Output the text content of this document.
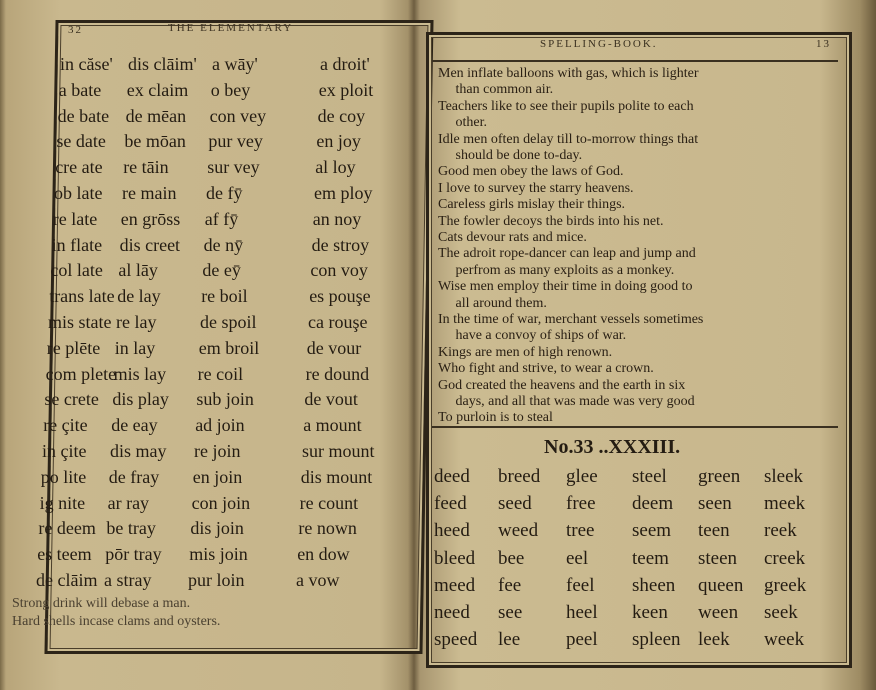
32	THE ELEMENTARY
in căse'
a bate
de bate
se date
cre ate
ob late
re late
in flate
col late
trans late
mis state
re plēte
com plete
se crete
re çite
in çite
po lite
ig nite
re deem
es teem
de clāim
dis clāim'
ex claim
de mēan
be mōan
re tāin
re main
en grōss
dis creet
al lāy
de lay
re lay
in lay
mis lay
dis play
de eay
dis may
de fray
ar ray
be tray
pōr tray
a stray
a wāy'
o bey
con vey
pur vey
sur vey
de fȳ
af fȳ
de nȳ
de eȳ
re boil
de spoil
em broil
re coil
sub join
ad join
re join
en join
con join
dis join
mis join
pur loin
a droit'
ex ploit
de coy
en joy
al loy
em ploy
an noy
de stroy
con voy
es pouşe
ca rouşe
de vour
re dound
de vout
a mount
sur mount
dis mount
re count
re nown
en dow
a vow
Strong drink will debase a man.
Hard shells incase clams and oysters.
SPELLING-BOOK.	13
Men inflate balloons with gas, which is lighter
than common air.
Teachers like to see their pupils polite to each
other.
Idle men often delay till to-morrow things that
should be done to-day.
Good men obey the laws of God.
I love to survey the starry heavens.
Careless girls mislay their things.
The fowler decoys the birds into his net.
Cats devour rats and mice.
The adroit rope-dancer can leap and jump and
perfrom as many exploits as a monkey.
Wise men employ their time in doing good to
all around them.
In the time of war, merchant vessels sometimes
have a convoy of ships of war.
Kings are men of high renown.
Who fight and strive, to wear a crown.
God created the heavens and the earth in six
days, and all that was made was very good
To purloin is to steal
No.33 ..XXXIII.
deed
feed
heed
bleed
meed
need
speed
breed
seed
weed
bee
fee
see
lee
glee
free
tree
eel
feel
heel
peel
steel
deem
seem
teem
sheen
keen
spleen
green
seen
teen
steen
queen
ween
leek
sleek
meek
reek
creek
greek
seek
week
